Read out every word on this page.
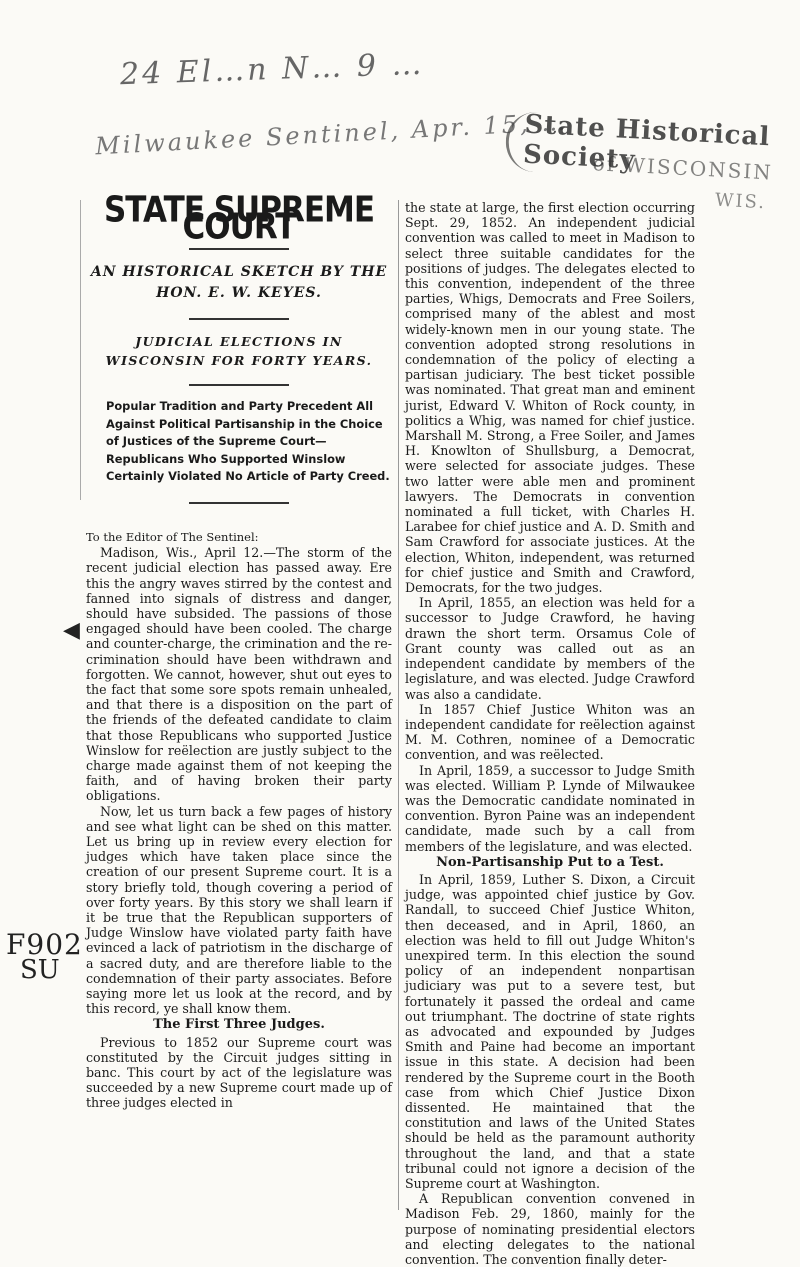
24 El…n N… 9 …
Milwaukee Sentinel, Apr. 15, …
State Historical Society
of WISCONSIN
WIS.
◀
F902
SU
STATE SUPREME COURT
AN HISTORICAL SKETCH BY THE HON. E. W. KEYES.
JUDICIAL ELECTIONS IN WISCONSIN FOR FORTY YEARS.
Popular Tradition and Party Precedent All Against Political Partisanship in the Choice of Justices of the Supreme Court—Republicans Who Supported Winslow Certainly Violated No Article of Party Creed.
To the Editor of The Sentinel:

Madison, Wis., April 12.—The storm of the recent judicial election has passed away. Ere this the angry waves stirred by the contest and fanned into signals of distress and danger, should have subsided. The passions of those engaged should have been cooled. The charge and counter-charge, the crimination and the re-crimination should have been withdrawn and forgotten. We cannot, however, shut out eyes to the fact that some sore spots remain unhealed, and that there is a disposition on the part of the friends of the defeated candidate to claim that those Republicans who supported Justice Winslow for reëlection are justly subject to the charge made against them of not keeping the faith, and of having broken their party obligations.

Now, let us turn back a few pages of history and see what light can be shed on this matter. Let us bring up in review every election for judges which have taken place since the creation of our present Supreme court. It is a story briefly told, though covering a period of over forty years. By this story we shall learn if it be true that the Republican supporters of Judge Winslow have violated party faith have evinced a lack of patriotism in the discharge of a sacred duty, and are therefore liable to the condemnation of their party associates. Before saying more let us look at the record, and by this record, ye shall know them.

The First Three Judges.

Previous to 1852 our Supreme court was constituted by the Circuit judges sitting in banc. This court by act of the legislature was succeeded by a new Supreme court made up of three judges elected in

the state at large, the first election occurring Sept. 29, 1852. An independent judicial convention was called to meet in Madison to select three suitable candidates for the positions of judges. The delegates elected to this convention, independent of the three parties, Whigs, Democrats and Free Soilers, comprised many of the ablest and most widely-known men in our young state. The convention adopted strong resolutions in condemnation of the policy of electing a partisan judiciary. The best ticket possible was nominated. That great man and eminent jurist, Edward V. Whiton of Rock county, in politics a Whig, was named for chief justice. Marshall M. Strong, a Free Soiler, and James H. Knowlton of Shullsburg, a Democrat, were selected for associate judges. These two latter were able men and prominent lawyers. The Democrats in convention nominated a full ticket, with Charles H. Larabee for chief justice and A. D. Smith and Sam Crawford for associate justices. At the election, Whiton, independent, was returned for chief justice and Smith and Crawford, Democrats, for the two judges.

In April, 1855, an election was held for a successor to Judge Crawford, he having drawn the short term. Orsamus Cole of Grant county was called out as an independent candidate by members of the legislature, and was elected. Judge Crawford was also a candidate.

In 1857 Chief Justice Whiton was an independent candidate for reëlection against M. M. Cothren, nominee of a Democratic convention, and was reëlected.

In April, 1859, a successor to Judge Smith was elected. William P. Lynde of Milwaukee was the Democratic candidate nominated in convention. Byron Paine was an independent candidate, made such by a call from members of the legislature, and was elected.

Non-Partisanship Put to a Test.

In April, 1859, Luther S. Dixon, a Circuit judge, was appointed chief justice by Gov. Randall, to succeed Chief Justice Whiton, then deceased, and in April, 1860, an election was held to fill out Judge Whiton's unexpired term. In this election the sound policy of an independent nonpartisan judiciary was put to a severe test, but fortunately it passed the ordeal and came out triumphant. The doctrine of state rights as advocated and expounded by Judges Smith and Paine had become an important issue in this state. A decision had been rendered by the Supreme court in the Booth case from which Chief Justice Dixon dissented. He maintained that the constitution and laws of the United States should be held as the paramount authority throughout the land, and that a state tribunal could not ignore a decision of the Supreme court at Washington.

A Republican convention convened in Madison Feb. 29, 1860, mainly for the purpose of nominating presidential electors and electing delegates to the national convention. The convention finally deter-
